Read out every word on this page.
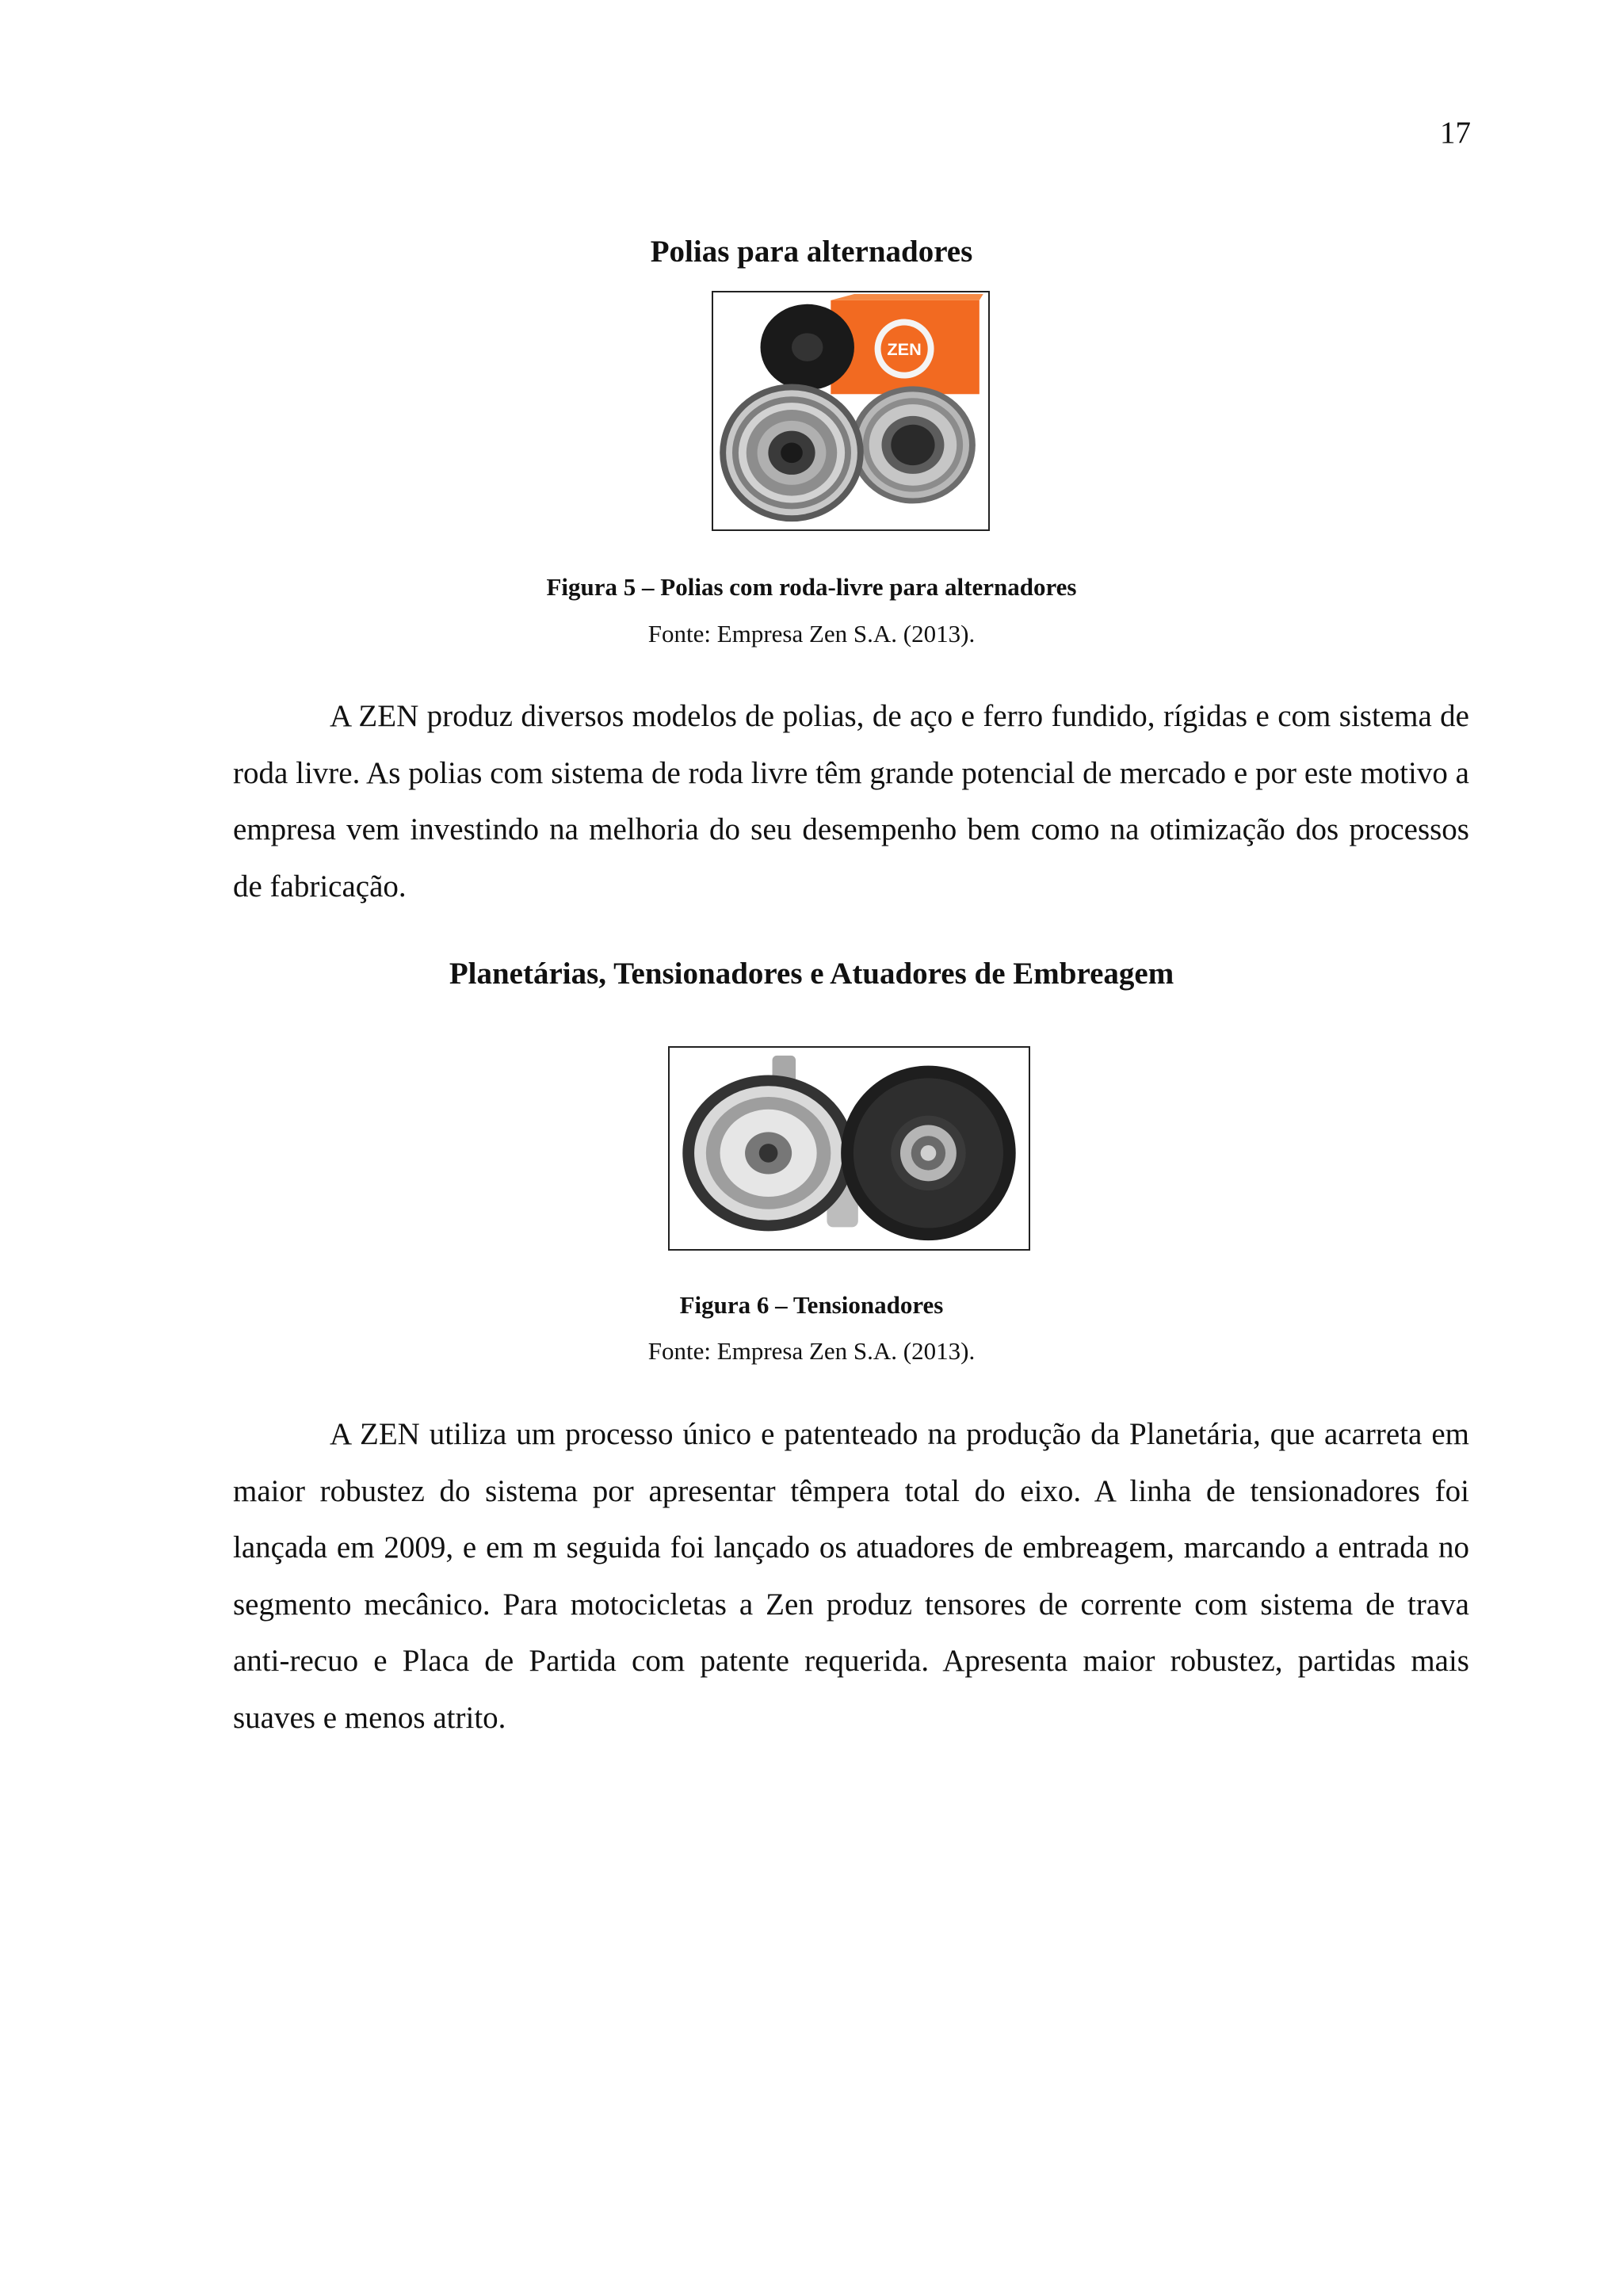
17
Polias para alternadores
ZEN
Figura 5 – Polias com roda-livre para alternadores
Fonte: Empresa Zen S.A. (2013).

A ZEN produz diversos modelos de polias, de aço e ferro fundido, rígidas e com sistema de roda livre. As polias com sistema de roda livre têm grande potencial de mercado e por este motivo a empresa vem investindo na melhoria do seu desempenho bem como na otimização dos processos de fabricação.

Planetárias, Tensionadores e Atuadores de Embreagem
Figura 6 – Tensionadores
Fonte: Empresa Zen S.A. (2013).

A ZEN utiliza um processo único e patenteado na produção da Planetária, que acarreta em maior robustez do sistema por apresentar têmpera total do eixo. A linha de tensionadores foi lançada em 2009, e em m seguida foi lançado os atuadores de embreagem, marcando a entrada no segmento mecânico. Para motocicletas a Zen produz tensores de corrente com sistema de trava anti-recuo e Placa de Partida com patente requerida. Apresenta maior robustez, partidas mais suaves e menos atrito.
